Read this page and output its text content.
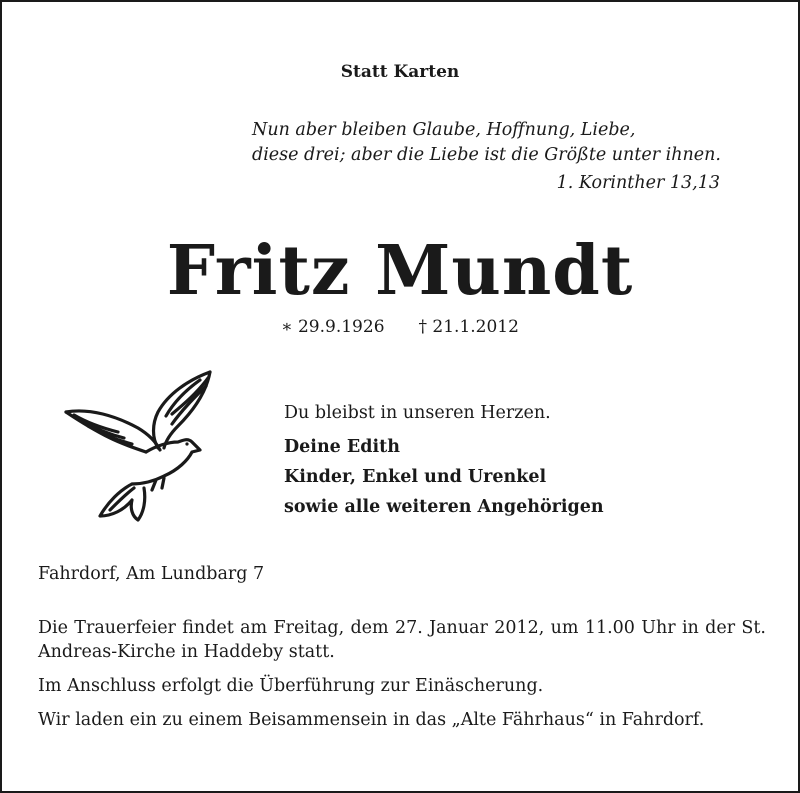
Statt Karten
Nun aber bleiben Glaube, Hoffnung, Liebe,
diese drei; aber die Liebe ist die Größte unter ihnen.
1. Korinther 13,13
Fritz Mundt
∗ 29.9.1926 † 21.1.2012
Du bleibst in unseren Herzen.
Deine Edith
Kinder, Enkel und Urenkel
sowie alle weiteren Angehörigen
Fahrdorf, Am Lundbarg 7

Die Trauerfeier findet am Freitag, dem 27. Januar 2012, um 11.00 Uhr in der St. Andreas-Kirche in Haddeby statt.

Im Anschluss erfolgt die Überführung zur Einäscherung.

Wir laden ein zu einem Beisammensein in das „Alte Fährhaus“ in Fahrdorf.
